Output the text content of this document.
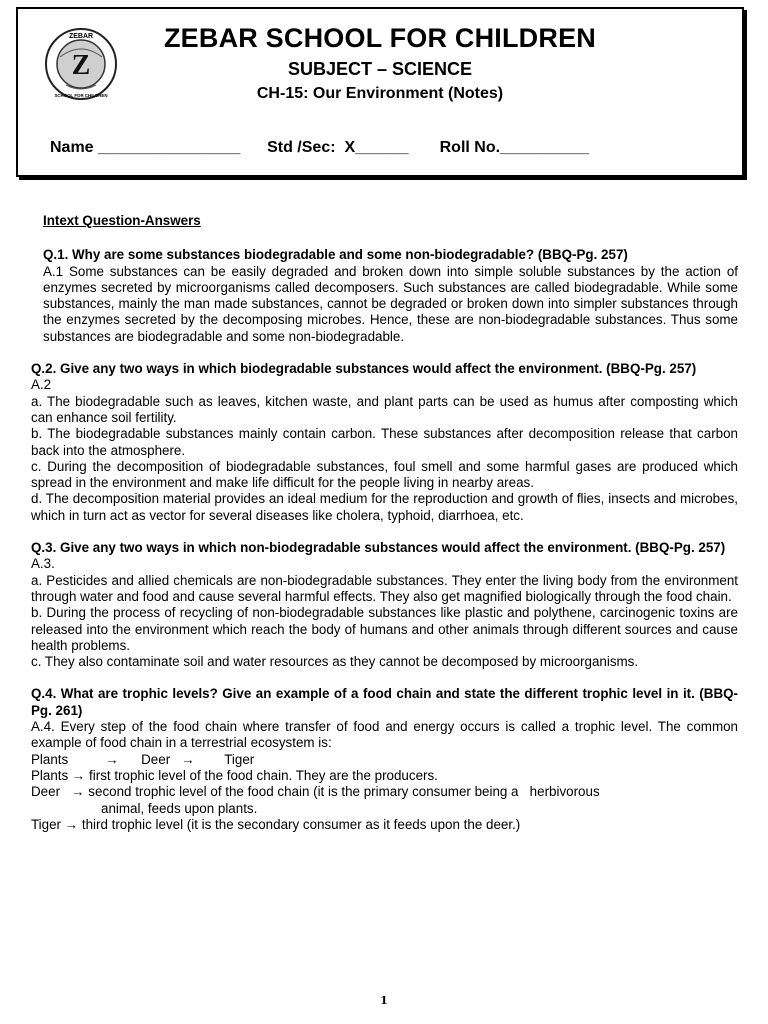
ZEBAR
Z
SCHOOL FOR CHILDREN
ZEBAR SCHOOL FOR CHILDREN
SUBJECT – SCIENCE
CH-15: Our Environment (Notes)
Name ________________ Std /Sec: X______ Roll No.__________
Intext Question-Answers
Q.1. Why are some substances biodegradable and some non-biodegradable? (BBQ-Pg. 257)
A.1 Some substances can be easily degraded and broken down into simple soluble substances by the action of enzymes secreted by microorganisms called decomposers. Such substances are called biodegradable. While some substances, mainly the man made substances, cannot be degraded or broken down into simpler substances through the enzymes secreted by the decomposing microbes. Hence, these are non-biodegradable substances. Thus some substances are biodegradable and some non-biodegradable.
Q.2. Give any two ways in which biodegradable substances would affect the environment. (BBQ-Pg. 257)
A.2
a. The biodegradable such as leaves, kitchen waste, and plant parts can be used as humus after composting which can enhance soil fertility.
b. The biodegradable substances mainly contain carbon. These substances after decomposition release that carbon back into the atmosphere.
c. During the decomposition of biodegradable substances, foul smell and some harmful gases are produced which spread in the environment and make life difficult for the people living in nearby areas.
d. The decomposition material provides an ideal medium for the reproduction and growth of flies, insects and microbes, which in turn act as vector for several diseases like cholera, typhoid, diarrhoea, etc.
Q.3. Give any two ways in which non-biodegradable substances would affect the environment. (BBQ-Pg. 257)
A.3.
a. Pesticides and allied chemicals are non-biodegradable substances. They enter the living body from the environment through water and food and cause several harmful effects. They also get magnified biologically through the food chain.
b. During the process of recycling of non-biodegradable substances like plastic and polythene, carcinogenic toxins are released into the environment which reach the body of humans and other animals through different sources and cause health problems.
c. They also contaminate soil and water resources as they cannot be decomposed by microorganisms.
Q.4. What are trophic levels? Give an example of a food chain and state the different trophic level in it. (BBQ-Pg. 261)
A.4. Every step of the food chain where transfer of food and energy occurs is called a trophic level. The common example of food chain in a terrestrial ecosystem is:
Plants          →      Deer   →        Tiger
Plants → first trophic level of the food chain. They are the producers.
Deer   → second trophic level of the food chain (it is the primary consumer being a   herbivorous
animal, feeds upon plants.
Tiger → third trophic level (it is the secondary consumer as it feeds upon the deer.)
1
